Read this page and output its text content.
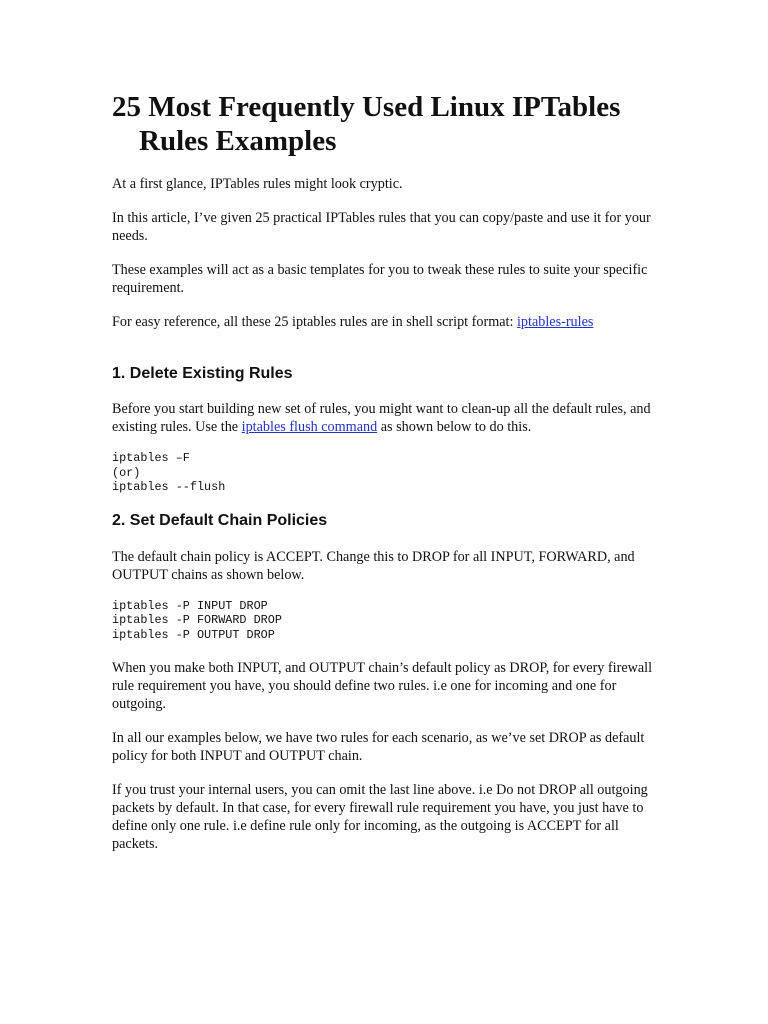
25 Most Frequently Used Linux IPTables Rules Examples

At a first glance, IPTables rules might look cryptic.

In this article, I’ve given 25 practical IPTables rules that you can copy/paste and use it for your needs.

These examples will act as a basic templates for you to tweak these rules to suite your specific requirement.

For easy reference, all these 25 iptables rules are in shell script format: iptables-rules

1. Delete Existing Rules

Before you start building new set of rules, you might want to clean-up all the default rules, and existing rules. Use the iptables flush command as shown below to do this.

iptables –F
(or)
iptables --flush
2. Set Default Chain Policies

The default chain policy is ACCEPT. Change this to DROP for all INPUT, FORWARD, and OUTPUT chains as shown below.

iptables -P INPUT DROP
iptables -P FORWARD DROP
iptables -P OUTPUT DROP

When you make both INPUT, and OUTPUT chain’s default policy as DROP, for every firewall rule requirement you have, you should define two rules. i.e one for incoming and one for outgoing.

In all our examples below, we have two rules for each scenario, as we’ve set DROP as default policy for both INPUT and OUTPUT chain.

If you trust your internal users, you can omit the last line above. i.e Do not DROP all outgoing packets by default. In that case, for every firewall rule requirement you have, you just have to define only one rule. i.e define rule only for incoming, as the outgoing is ACCEPT for all packets.
